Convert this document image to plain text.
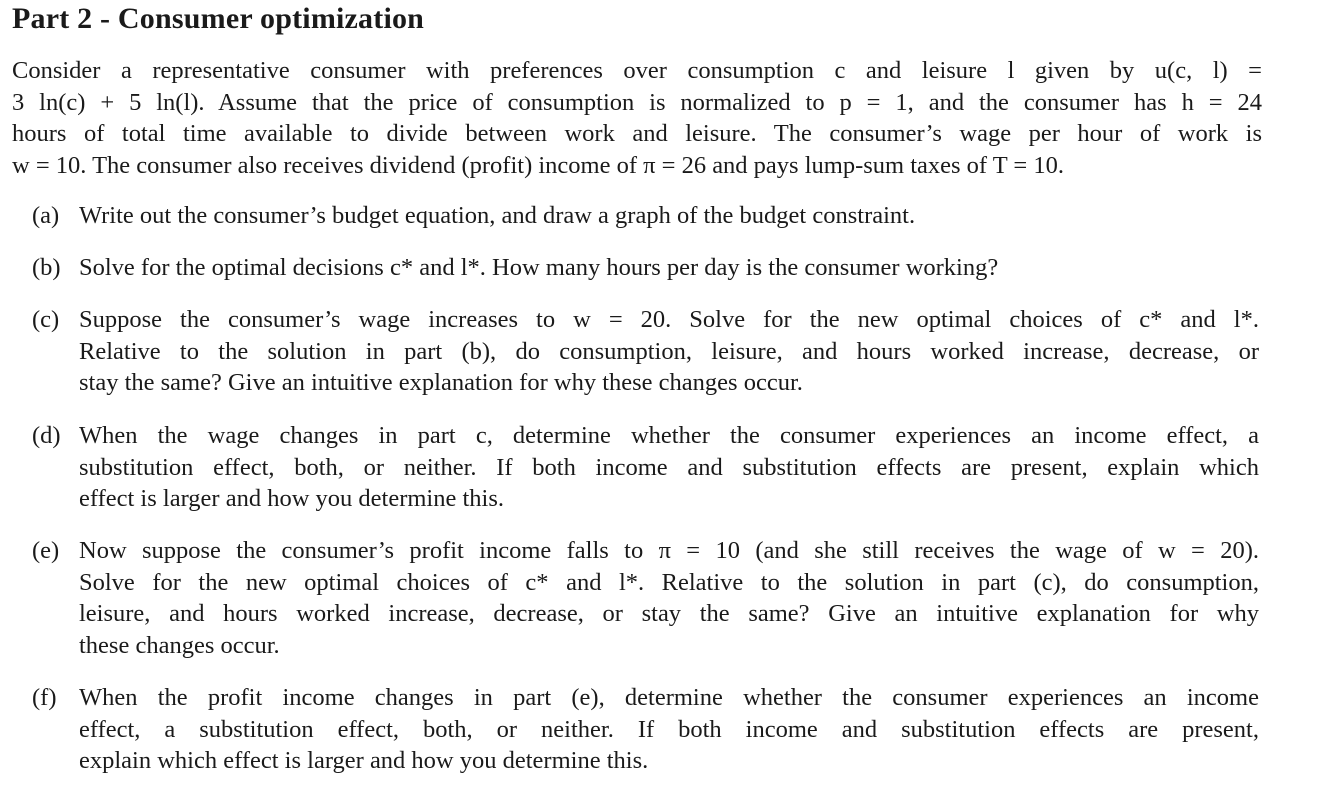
Part 2 - Consumer optimization
Consider a representative consumer with preferences over consumption c and leisure l given by u(c, l) =
3 ln(c) + 5 ln(l). Assume that the price of consumption is normalized to p = 1, and the consumer has h = 24
hours of total time available to divide between work and leisure. The consumer’s wage per hour of work is
w = 10. The consumer also receives dividend (profit) income of π = 26 and pays lump-sum taxes of T = 10.
(a) Write out the consumer’s budget equation, and draw a graph of the budget constraint.
(b) Solve for the optimal decisions c* and l*. How many hours per day is the consumer working?
(c) Suppose the consumer’s wage increases to w = 20. Solve for the new optimal choices of c* and l*.
Relative to the solution in part (b), do consumption, leisure, and hours worked increase, decrease, or
stay the same? Give an intuitive explanation for why these changes occur.
(d) When the wage changes in part c, determine whether the consumer experiences an income effect, a
substitution effect, both, or neither. If both income and substitution effects are present, explain which
effect is larger and how you determine this.
(e) Now suppose the consumer’s profit income falls to π = 10 (and she still receives the wage of w = 20).
Solve for the new optimal choices of c* and l*. Relative to the solution in part (c), do consumption,
leisure, and hours worked increase, decrease, or stay the same? Give an intuitive explanation for why
these changes occur.
(f) When the profit income changes in part (e), determine whether the consumer experiences an income
effect, a substitution effect, both, or neither. If both income and substitution effects are present,
explain which effect is larger and how you determine this.
